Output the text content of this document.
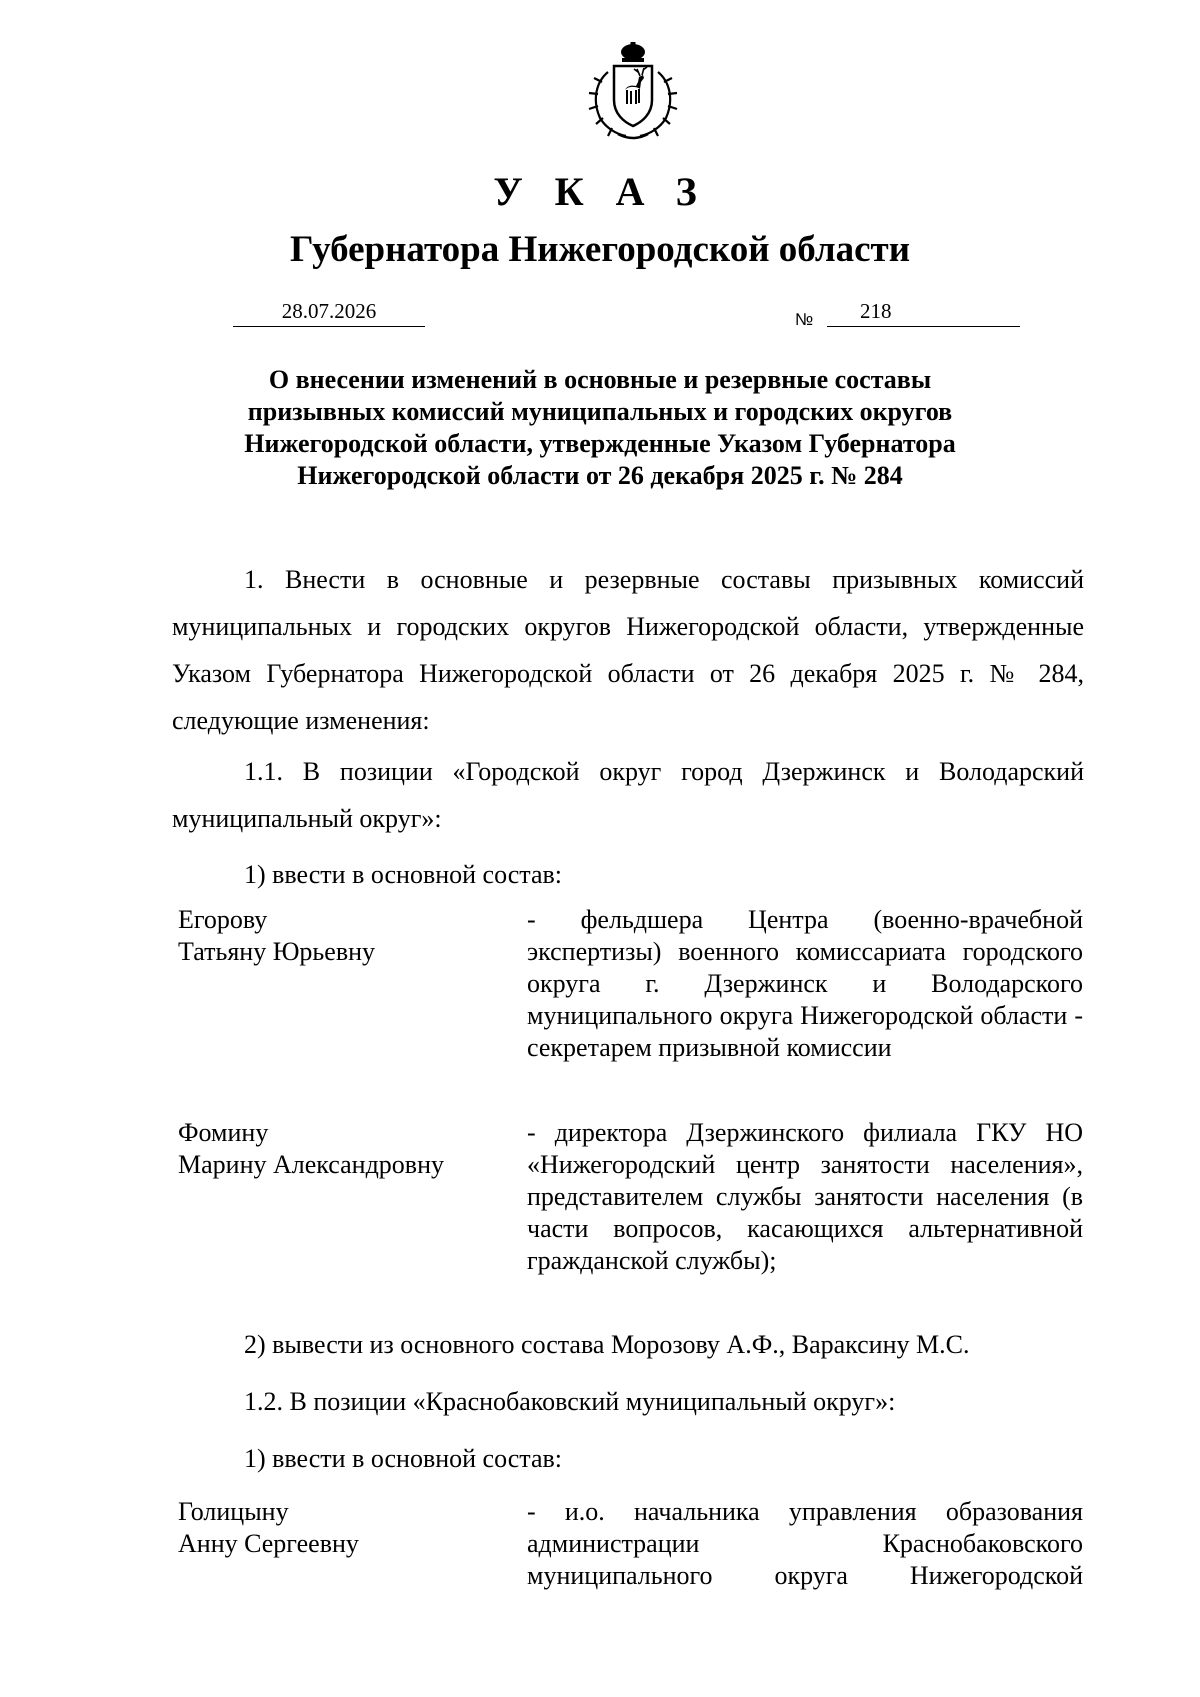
УКАЗ
Губернатора Нижегородской области
28.07.2026	№	218
О внесении изменений в основные и резервные составы
призывных комиссий муниципальных и городских округов
Нижегородской области, утвержденные Указом Губернатора
Нижегородской области от 26 декабря 2025 г. № 284
1. Внести в основные и резервные составы призывных комиссий муниципальных и городских округов Нижегородской области, утвержденные Указом Губернатора Нижегородской области от 26 декабря 2025 г. № 284, следующие изменения:
1.1. В позиции «Городской округ город Дзержинск и Володарский муниципальный округ»:
1) ввести в основной состав:
Егорову
Татьяну Юрьевну
- фельдшера Центра (военно-врачебной экспертизы) военного комиссариата городского округа г. Дзержинск и Володарского муниципального округа Нижегородской области - секретарем призывной комиссии
Фомину
Марину Александровну
- директора Дзержинского филиала ГКУ НО «Нижегородский центр занятости населения», представителем службы занятости населения (в части вопросов, касающихся альтернативной гражданской службы);
2) вывести из основного состава Морозову А.Ф., Вараксину М.С.
1.2. В позиции «Краснобаковский муниципальный округ»:
1) ввести в основной состав:
Голицыну
Анну Сергеевну
- и.о. начальника управления образования администрации Краснобаковского муниципального округа Нижегородской
